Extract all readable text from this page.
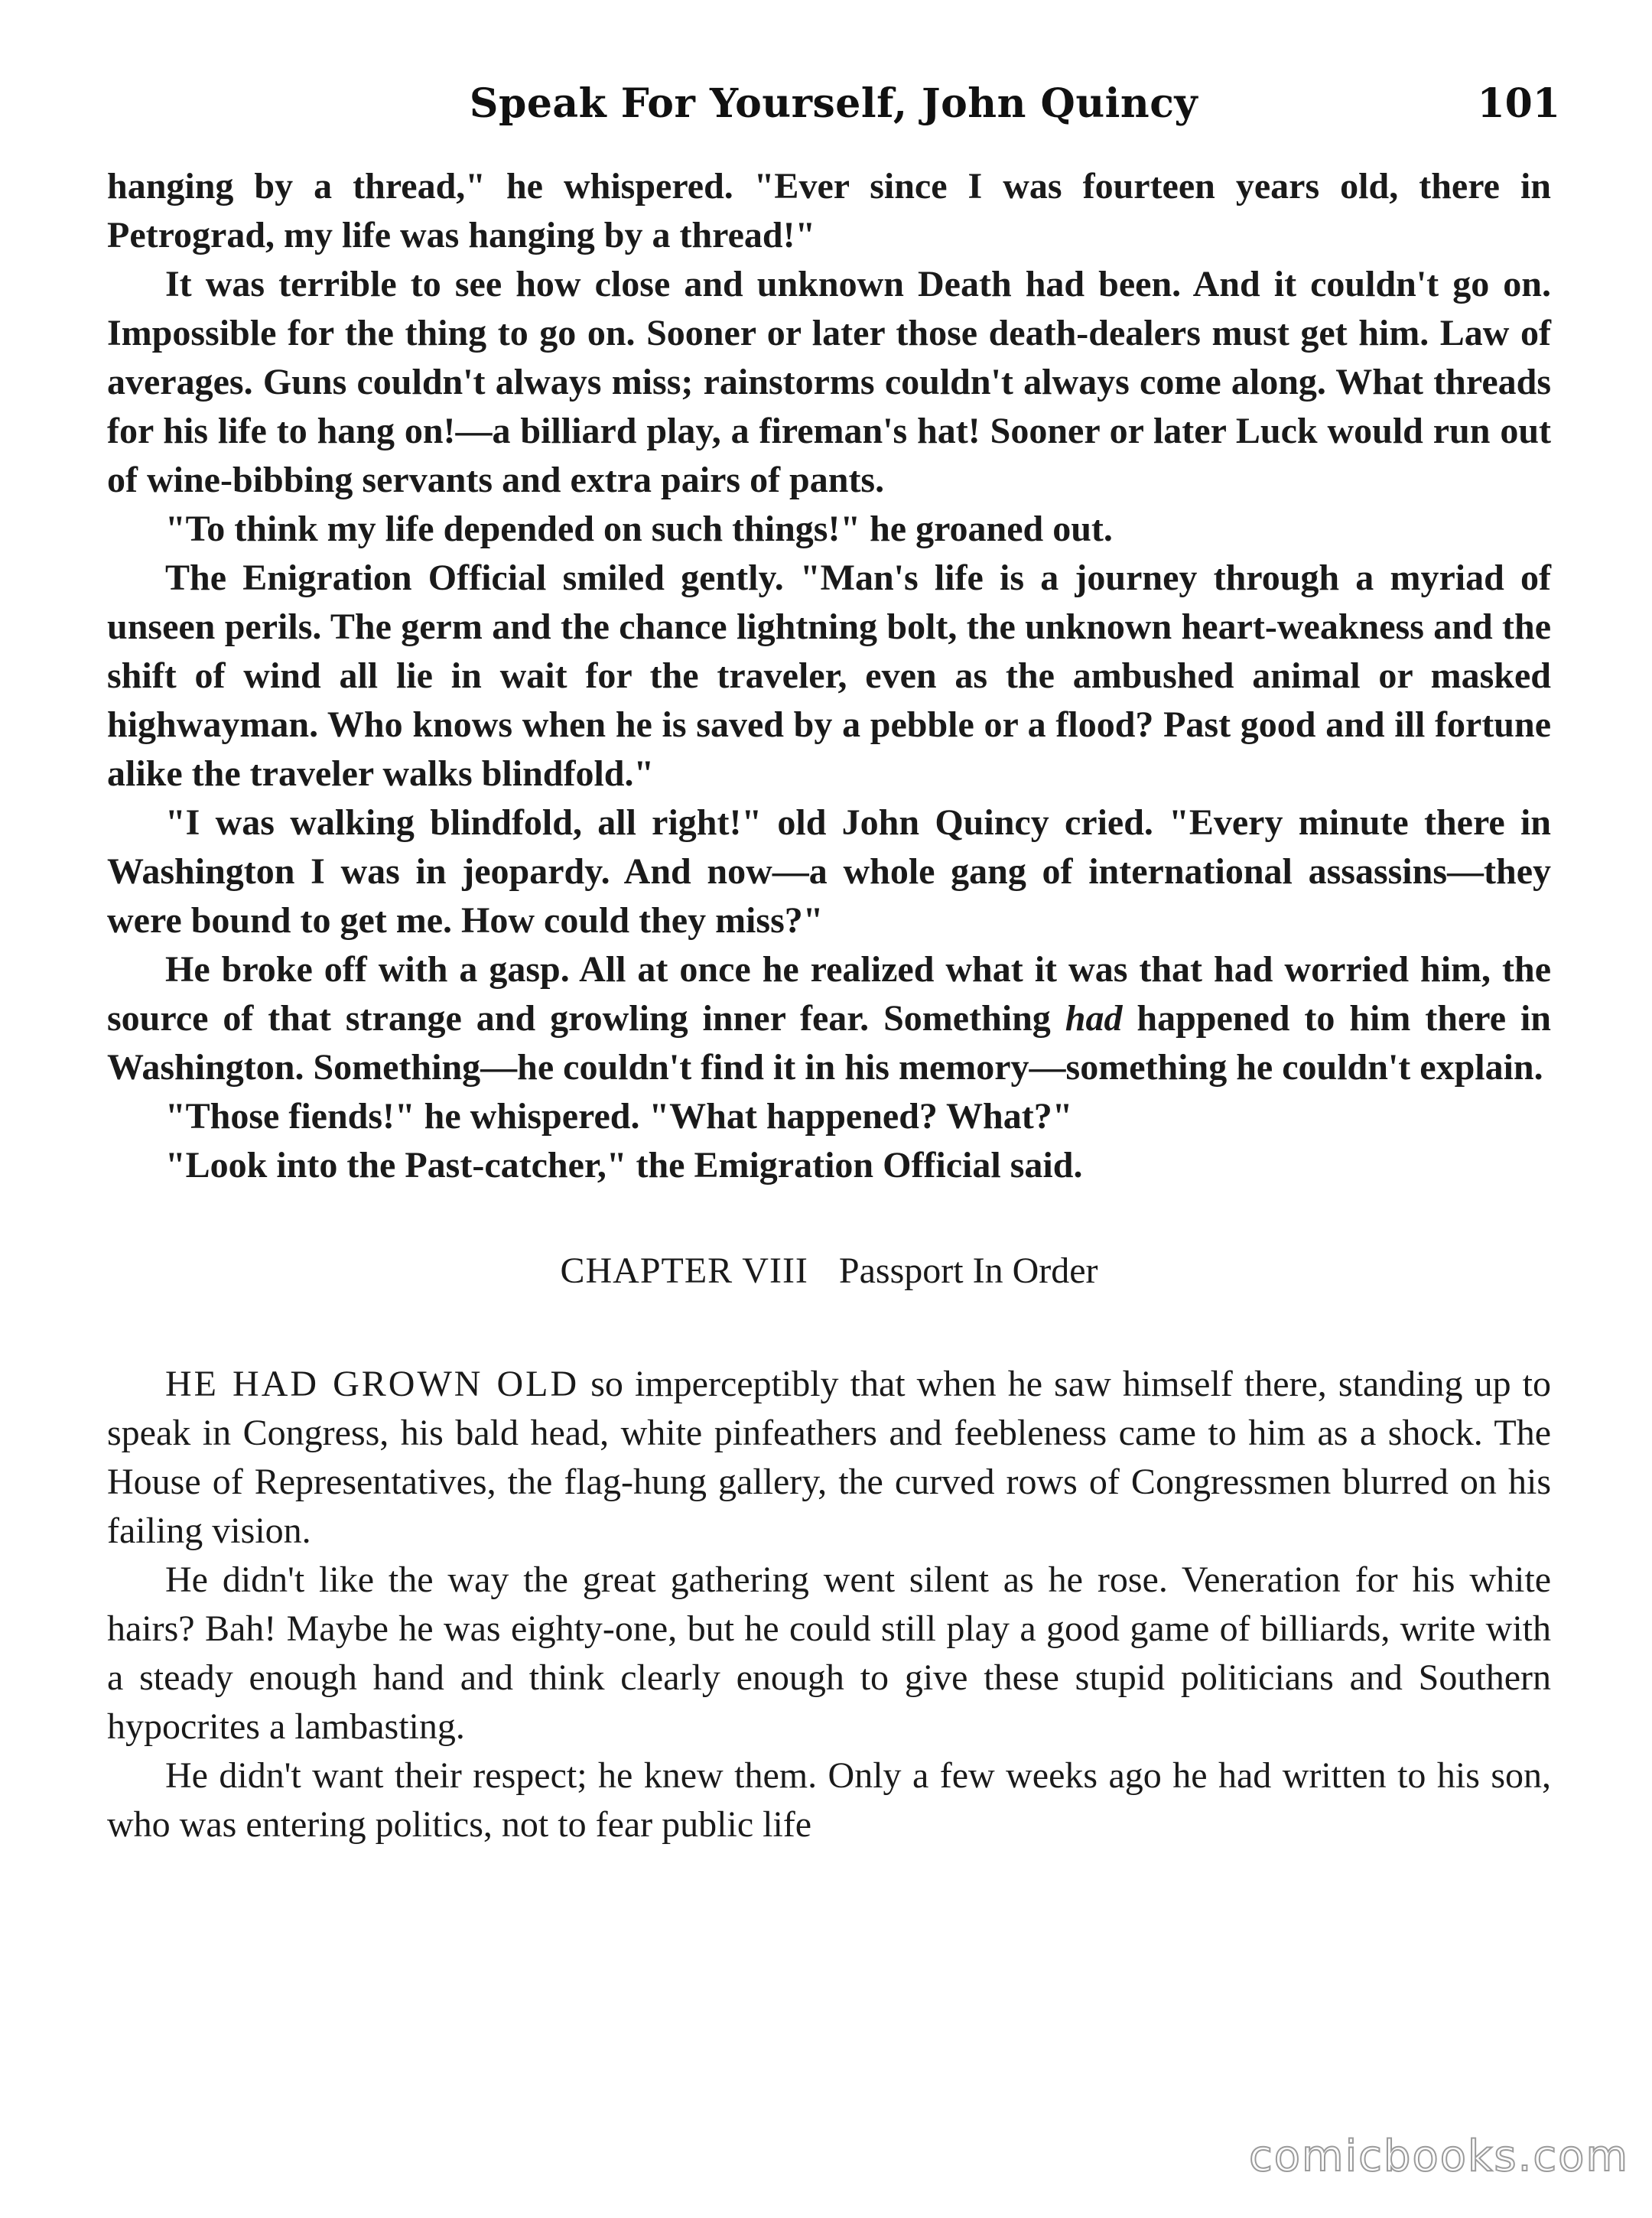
Speak For Yourself, John Quincy	101

hanging by a thread," he whispered. "Ever since I was fourteen years old, there in Petrograd, my life was hanging by a thread!"

It was terrible to see how close and unknown Death had been. And it couldn't go on. Impossible for the thing to go on. Sooner or later those death-dealers must get him. Law of averages. Guns couldn't always miss; rainstorms couldn't always come along. What threads for his life to hang on!—a billiard play, a fireman's hat! Sooner or later Luck would run out of wine-bibbing servants and extra pairs of pants.

"To think my life depended on such things!" he groaned out.

The Enigration Official smiled gently. "Man's life is a journey through a myriad of unseen perils. The germ and the chance lightning bolt, the unknown heart-weakness and the shift of wind all lie in wait for the traveler, even as the ambushed animal or masked highwayman. Who knows when he is saved by a pebble or a flood? Past good and ill fortune alike the traveler walks blindfold."

"I was walking blindfold, all right!" old John Quincy cried. "Every minute there in Washington I was in jeopardy. And now—a whole gang of international assassins—they were bound to get me. How could they miss?"

He broke off with a gasp. All at once he realized what it was that had worried him, the source of that strange and growling inner fear. Something had happened to him there in Washington. Something—he couldn't find it in his memory—something he couldn't explain.

"Those fiends!" he whispered. "What happened? What?"

"Look into the Past-catcher," the Emigration Official said.

CHAPTER VIII Passport In Order

HE HAD GROWN OLD so imperceptibly that when he saw himself there, standing up to speak in Congress, his bald head, white pinfeathers and feebleness came to him as a shock. The House of Representatives, the flag-hung gallery, the curved rows of Congressmen blurred on his failing vision.

He didn't like the way the great gathering went silent as he rose. Veneration for his white hairs? Bah! Maybe he was eighty-one, but he could still play a good game of billiards, write with a steady enough hand and think clearly enough to give these stupid politicians and Southern hypocrites a lambasting.

He didn't want their respect; he knew them. Only a few weeks ago he had written to his son, who was entering politics, not to fear public life

comicbooks.com
